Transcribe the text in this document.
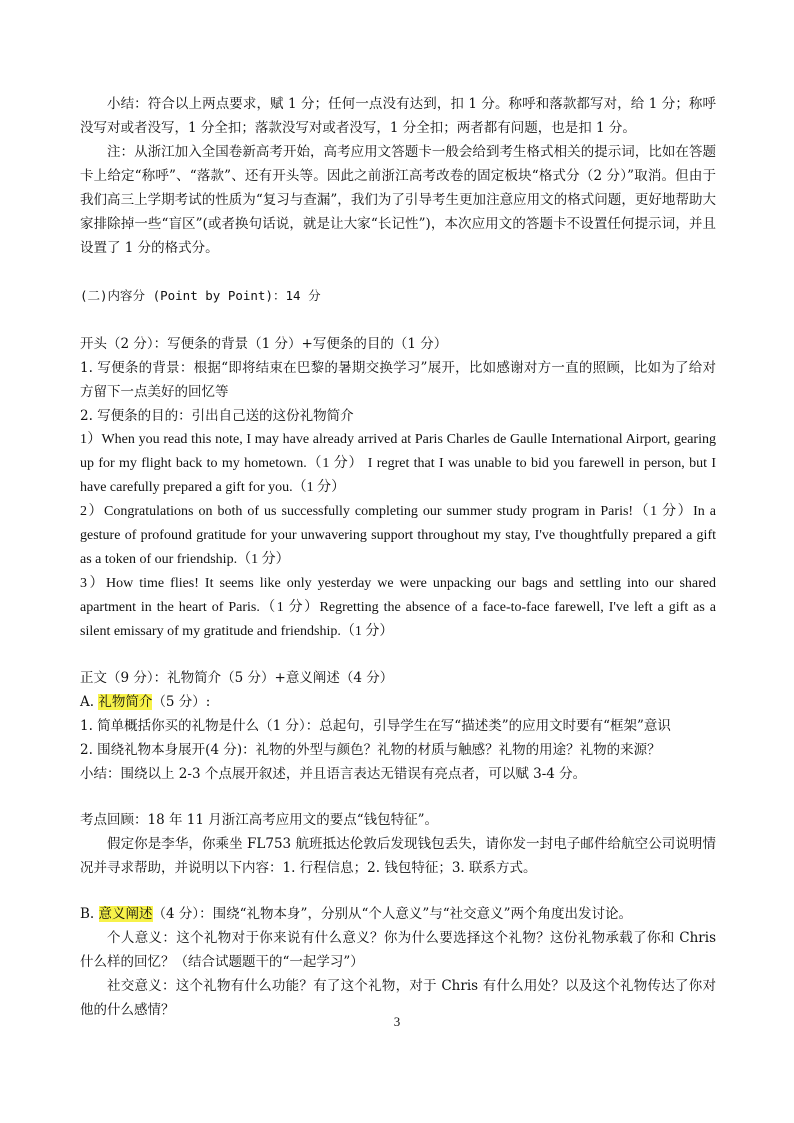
小结：符合以上两点要求，赋 1 分；任何一点没有达到，扣 1 分。称呼和落款都写对，给 1 分；称呼没写对或者没写，1 分全扣；落款没写对或者没写，1 分全扣；两者都有问题，也是扣 1 分。

注：从浙江加入全国卷新高考开始，高考应用文答题卡一般会给到考生格式相关的提示词，比如在答题卡上给定“称呼”、“落款”、还有开头等。因此之前浙江高考改卷的固定板块“格式分（2 分）”取消。但由于我们高三上学期考试的性质为“复习与查漏”，我们为了引导考生更加注意应用文的格式问题，更好地帮助大家排除掉一些“盲区”(或者换句话说，就是让大家“长记性”)，本次应用文的答题卡不设置任何提示词，并且设置了 1 分的格式分。

(二)内容分 (Point by Point)：14 分

开头（2 分）：写便条的背景（1 分）+写便条的目的（1 分）

1. 写便条的背景：根据“即将结束在巴黎的暑期交换学习”展开，比如感谢对方一直的照顾，比如为了给对方留下一点美好的回忆等

2. 写便条的目的：引出自己送的这份礼物简介

1）When you read this note, I may have already arrived at Paris Charles de Gaulle International Airport, gearing up for my flight back to my hometown.（1 分） I regret that I was unable to bid you farewell in person, but I have carefully prepared a gift for you.（1 分）

2）Congratulations on both of us successfully completing our summer study program in Paris!（1 分）In a gesture of profound gratitude for your unwavering support throughout my stay, I've thoughtfully prepared a gift as a token of our friendship.（1 分）

3）How time flies! It seems like only yesterday we were unpacking our bags and settling into our shared apartment in the heart of Paris.（1 分）Regretting the absence of a face-to-face farewell, I've left a gift as a silent emissary of my gratitude and friendship.（1 分）

正文（9 分）：礼物简介（5 分）+意义阐述（4 分）

A. 礼物简介（5 分）:

1. 简单概括你买的礼物是什么（1 分）：总起句，引导学生在写“描述类”的应用文时要有“框架”意识

2. 围绕礼物本身展开(4 分)：礼物的外型与颜色？礼物的材质与触感？礼物的用途？礼物的来源？

小结：围绕以上 2-3 个点展开叙述，并且语言表达无错误有亮点者，可以赋 3-4 分。

考点回顾：18 年 11 月浙江高考应用文的要点“钱包特征”。

假定你是李华，你乘坐 FL753 航班抵达伦敦后发现钱包丢失，请你发一封电子邮件给航空公司说明情况并寻求帮助，并说明以下内容：1. 行程信息；2. 钱包特征；3. 联系方式。

B. 意义阐述（4 分）：围绕“礼物本身”，分别从“个人意义”与“社交意义”两个角度出发讨论。

个人意义：这个礼物对于你来说有什么意义？你为什么要选择这个礼物？这份礼物承载了你和 Chris 什么样的回忆？（结合试题题干的“一起学习”）

社交意义：这个礼物有什么功能？有了这个礼物，对于 Chris 有什么用处？以及这个礼物传达了你对他的什么感情？

3
